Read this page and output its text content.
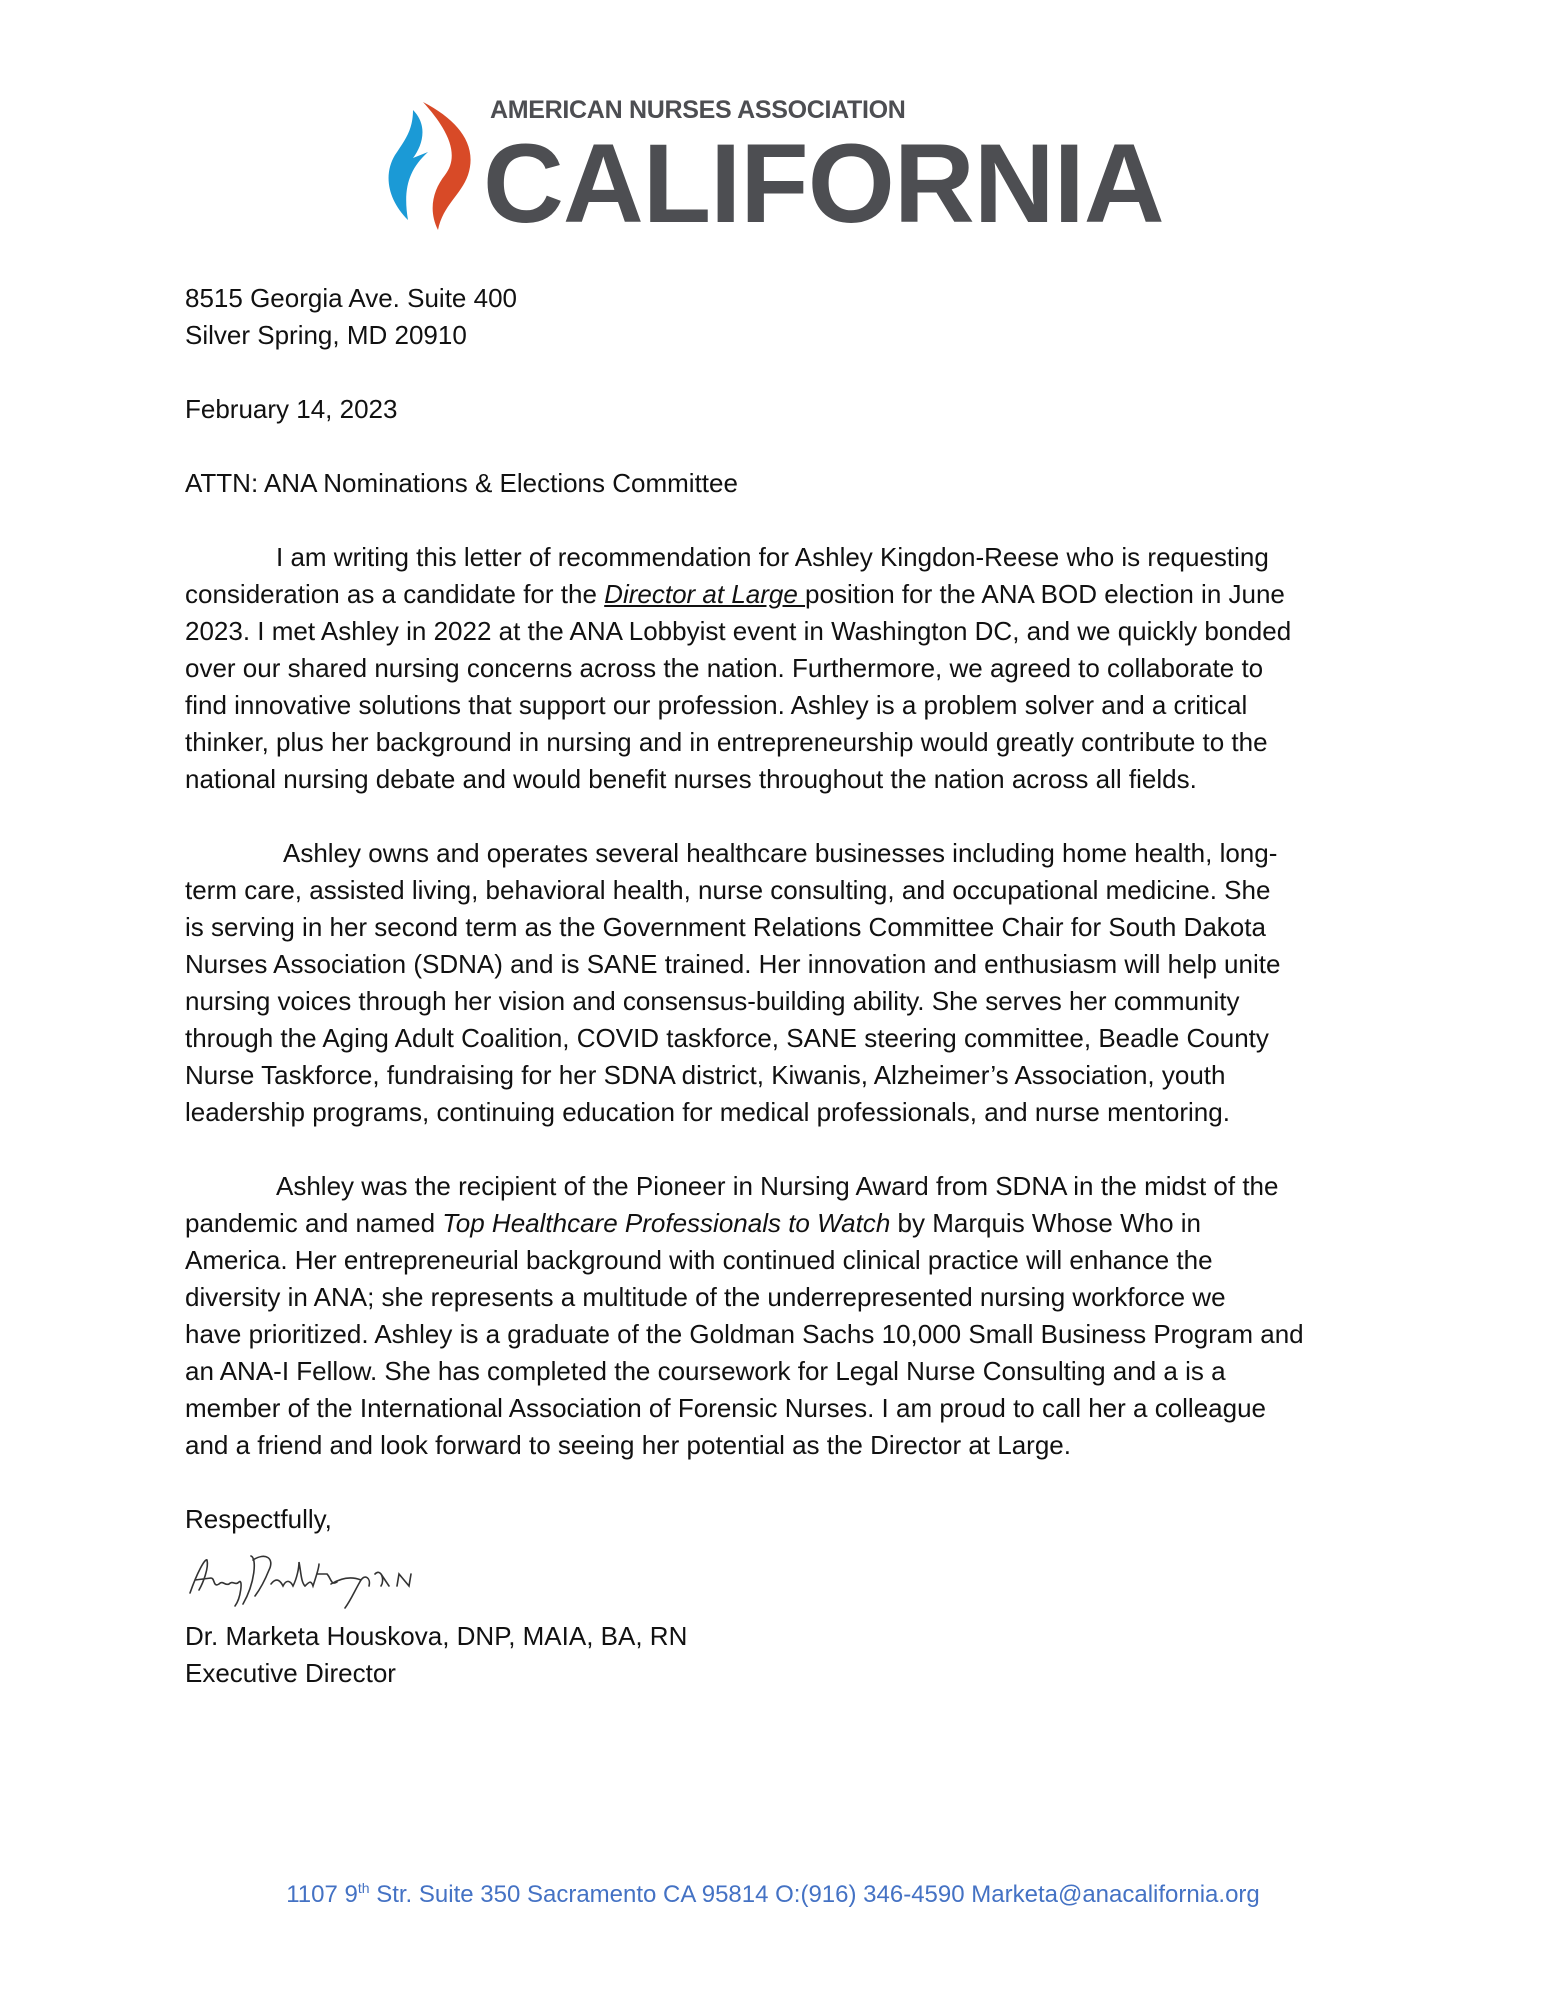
AMERICAN NURSES ASSOCIATION
CALIFORNIA
8515 Georgia Ave. Suite 400
Silver Spring, MD 20910
February 14, 2023
ATTN: ANA Nominations & Elections Committee
I am writing this letter of recommendation for Ashley Kingdon-Reese who is requesting
consideration as a candidate for the Director at Large position for the ANA BOD election in June
2023. I met Ashley in 2022 at the ANA Lobbyist event in Washington DC, and we quickly bonded
over our shared nursing concerns across the nation. Furthermore, we agreed to collaborate to
find innovative solutions that support our profession. Ashley is a problem solver and a critical
thinker, plus her background in nursing and in entrepreneurship would greatly contribute to the
national nursing debate and would benefit nurses throughout the nation across all fields.
Ashley owns and operates several healthcare businesses including home health, long-
term care, assisted living, behavioral health, nurse consulting, and occupational medicine. She
is serving in her second term as the Government Relations Committee Chair for South Dakota
Nurses Association (SDNA) and is SANE trained. Her innovation and enthusiasm will help unite
nursing voices through her vision and consensus-building ability. She serves her community
through the Aging Adult Coalition, COVID taskforce, SANE steering committee, Beadle County
Nurse Taskforce, fundraising for her SDNA district, Kiwanis, Alzheimer’s Association, youth
leadership programs, continuing education for medical professionals, and nurse mentoring.
Ashley was the recipient of the Pioneer in Nursing Award from SDNA in the midst of the
pandemic and named Top Healthcare Professionals to Watch by Marquis Whose Who in
America. Her entrepreneurial background with continued clinical practice will enhance the
diversity in ANA; she represents a multitude of the underrepresented nursing workforce we
have prioritized. Ashley is a graduate of the Goldman Sachs 10,000 Small Business Program and
an ANA-I Fellow. She has completed the coursework for Legal Nurse Consulting and a is a
member of the International Association of Forensic Nurses. I am proud to call her a colleague
and a friend and look forward to seeing her potential as the Director at Large.
Respectfully,
Dr. Marketa Houskova, DNP, MAIA, BA, RN
Executive Director
1107 9th Str. Suite 350 Sacramento CA 95814 O:(916) 346-4590 Marketa@anacalifornia.org
